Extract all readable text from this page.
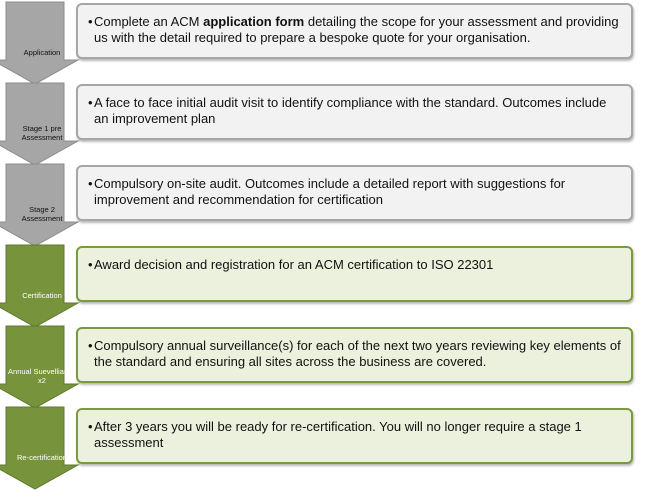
Application
• Complete an ACM application form detailing the scope for your assessment and providing us with the detail required to prepare a bespoke quote for your organisation.
Stage 1 pre Assessment
• A face to face initial audit visit to identify compliance with the standard. Outcomes include an improvement plan
Stage 2 Assessment
• Compulsory on-site audit. Outcomes include a detailed report with suggestions for improvement and recommendation for certification
Certification
• Award decision and registration for an ACM certification to ISO 22301
Annual Suevelliance x2
• Compulsory annual surveillance(s) for each of the next two years reviewing key elements of the standard and ensuring all sites across the business are covered.
Re-certification
• After 3 years you will be ready for re-certification. You will no longer require a stage 1 assessment
